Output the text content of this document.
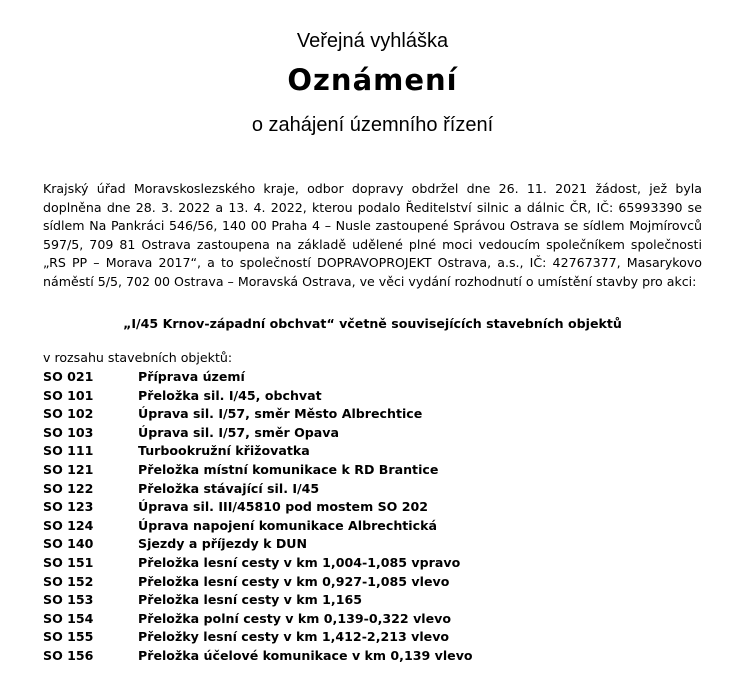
Veřejná vyhláška
Oznámení
o zahájení územního řízení
Krajský úřad Moravskoslezského kraje, odbor dopravy obdržel dne 26. 11. 2021 žádost, jež byla doplněna dne 28. 3. 2022 a 13. 4. 2022, kterou podalo Ředitelství silnic a dálnic ČR, IČ: 65993390 se sídlem Na Pankráci 546/56, 140 00 Praha 4 – Nusle zastoupené Správou Ostrava se sídlem Mojmírovců 597/5, 709 81 Ostrava zastoupena na základě udělené plné moci vedoucím společníkem společnosti „RS PP – Morava 2017“, a to společností DOPRAVOPROJEKT Ostrava, a.s., IČ: 42767377, Masarykovo náměstí 5/5, 702 00 Ostrava – Moravská Ostrava, ve věci vydání rozhodnutí o umístění stavby pro akci:
„I/45 Krnov-západní obchvat“ včetně souvisejících stavebních objektů
v rozsahu stavebních objektů:
SO 021	Příprava území
SO 101	Přeložka sil. I/45, obchvat
SO 102	Úprava sil. I/57, směr Město Albrechtice
SO 103	Úprava sil. I/57, směr Opava
SO 111	Turbookružní křižovatka
SO 121	Přeložka místní komunikace k RD Brantice
SO 122	Přeložka stávající sil. I/45
SO 123	Úprava sil. III/45810 pod mostem SO 202
SO 124	Úprava napojení komunikace Albrechtická
SO 140	Sjezdy a příjezdy k DUN
SO 151	Přeložka lesní cesty v km 1,004-1,085 vpravo
SO 152	Přeložka lesní cesty v km 0,927-1,085 vlevo
SO 153	Přeložka lesní cesty v km 1,165
SO 154	Přeložka polní cesty v km 0,139-0,322 vlevo
SO 155	Přeložky lesní cesty v km 1,412-2,213 vlevo
SO 156	Přeložka účelové komunikace v km 0,139 vlevo
